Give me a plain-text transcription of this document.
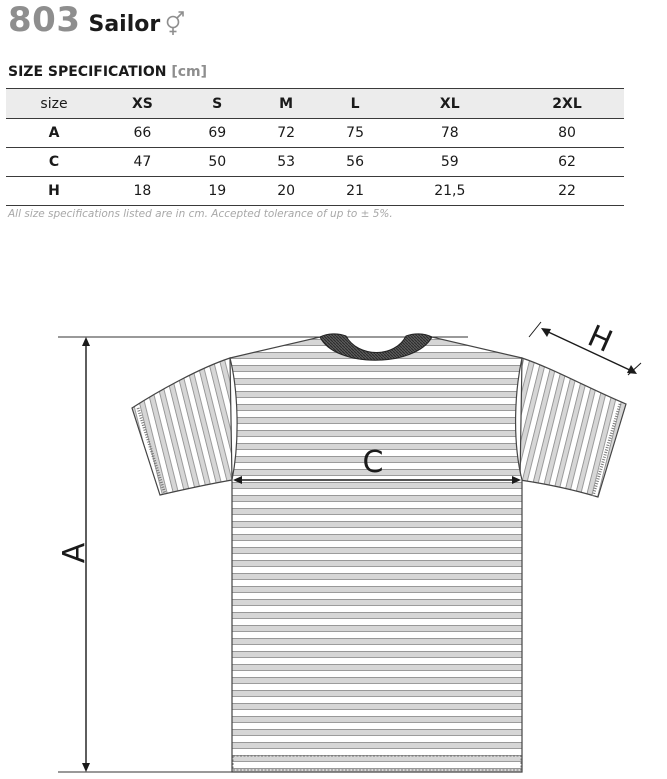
803 Sailor
SIZE SPECIFICATION [cm]
size	XS	S	M	L	XL	2XL
A	66	69	72	75	78	80
C	47	50	53	56	59	62
H	18	19	20	21	21,5	22
All size specifications listed are in cm. Accepted tolerance of up to ± 5%.
A
C
H
